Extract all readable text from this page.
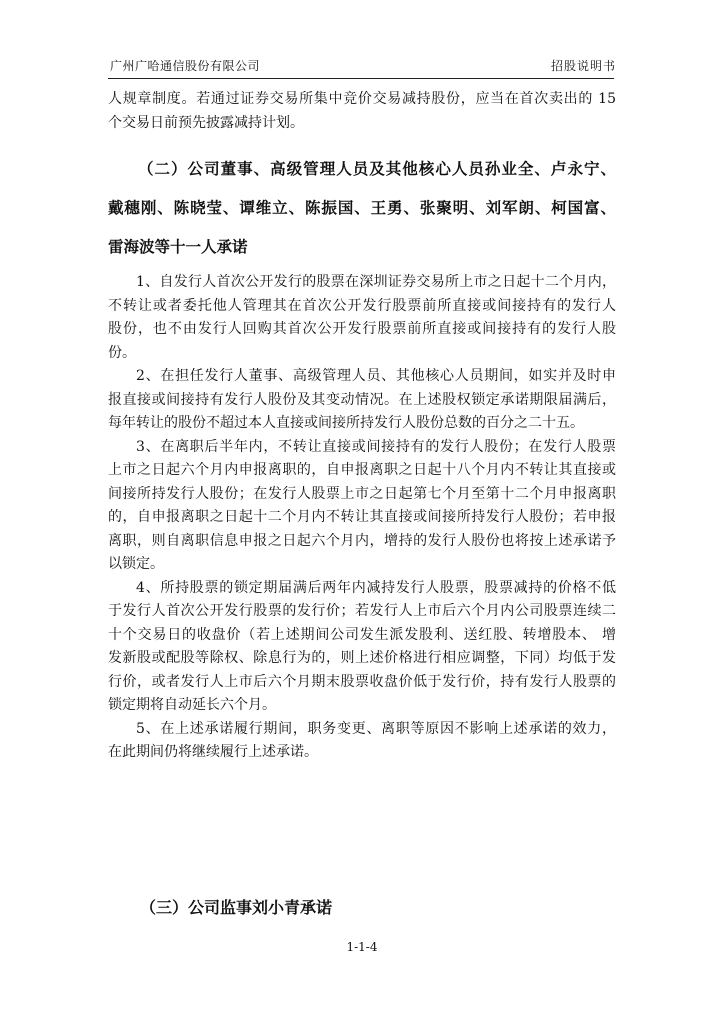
广州广哈通信股份有限公司	招股说明书
人规章制度。若通过证券交易所集中竞价交易减持股份，应当在首次卖出的 15
个交易日前预先披露减持计划。
（二）公司董事、高级管理人员及其他核心人员孙业全、卢永宁、
戴穗刚、陈晓莹、谭维立、陈振国、王勇、张聚明、刘军朗、柯国富、
雷海波等十一人承诺
1、自发行人首次公开发行的股票在深圳证券交易所上市之日起十二个月内，
不转让或者委托他人管理其在首次公开发行股票前所直接或间接持有的发行人
股份，也不由发行人回购其首次公开发行股票前所直接或间接持有的发行人股
份。
2、在担任发行人董事、高级管理人员、其他核心人员期间，如实并及时申
报直接或间接持有发行人股份及其变动情况。在上述股权锁定承诺期限届满后，
每年转让的股份不超过本人直接或间接所持发行人股份总数的百分之二十五。
3、在离职后半年内，不转让直接或间接持有的发行人股份；在发行人股票
上市之日起六个月内申报离职的，自申报离职之日起十八个月内不转让其直接或
间接所持发行人股份；在发行人股票上市之日起第七个月至第十二个月申报离职
的，自申报离职之日起十二个月内不转让其直接或间接所持发行人股份；若申报
离职，则自离职信息申报之日起六个月内，增持的发行人股份也将按上述承诺予
以锁定。
4、所持股票的锁定期届满后两年内减持发行人股票，股票减持的价格不低
于发行人首次公开发行股票的发行价；若发行人上市后六个月内公司股票连续二
十个交易日的收盘价（若上述期间公司发生派发股利、送红股、转增股本、 增
发新股或配股等除权、除息行为的，则上述价格进行相应调整，下同）均低于发
行价，或者发行人上市后六个月期末股票收盘价低于发行价，持有发行人股票的
锁定期将自动延长六个月。
5、在上述承诺履行期间，职务变更、离职等原因不影响上述承诺的效力，
在此期间仍将继续履行上述承诺。
（三）公司监事刘小青承诺
1-1-4
